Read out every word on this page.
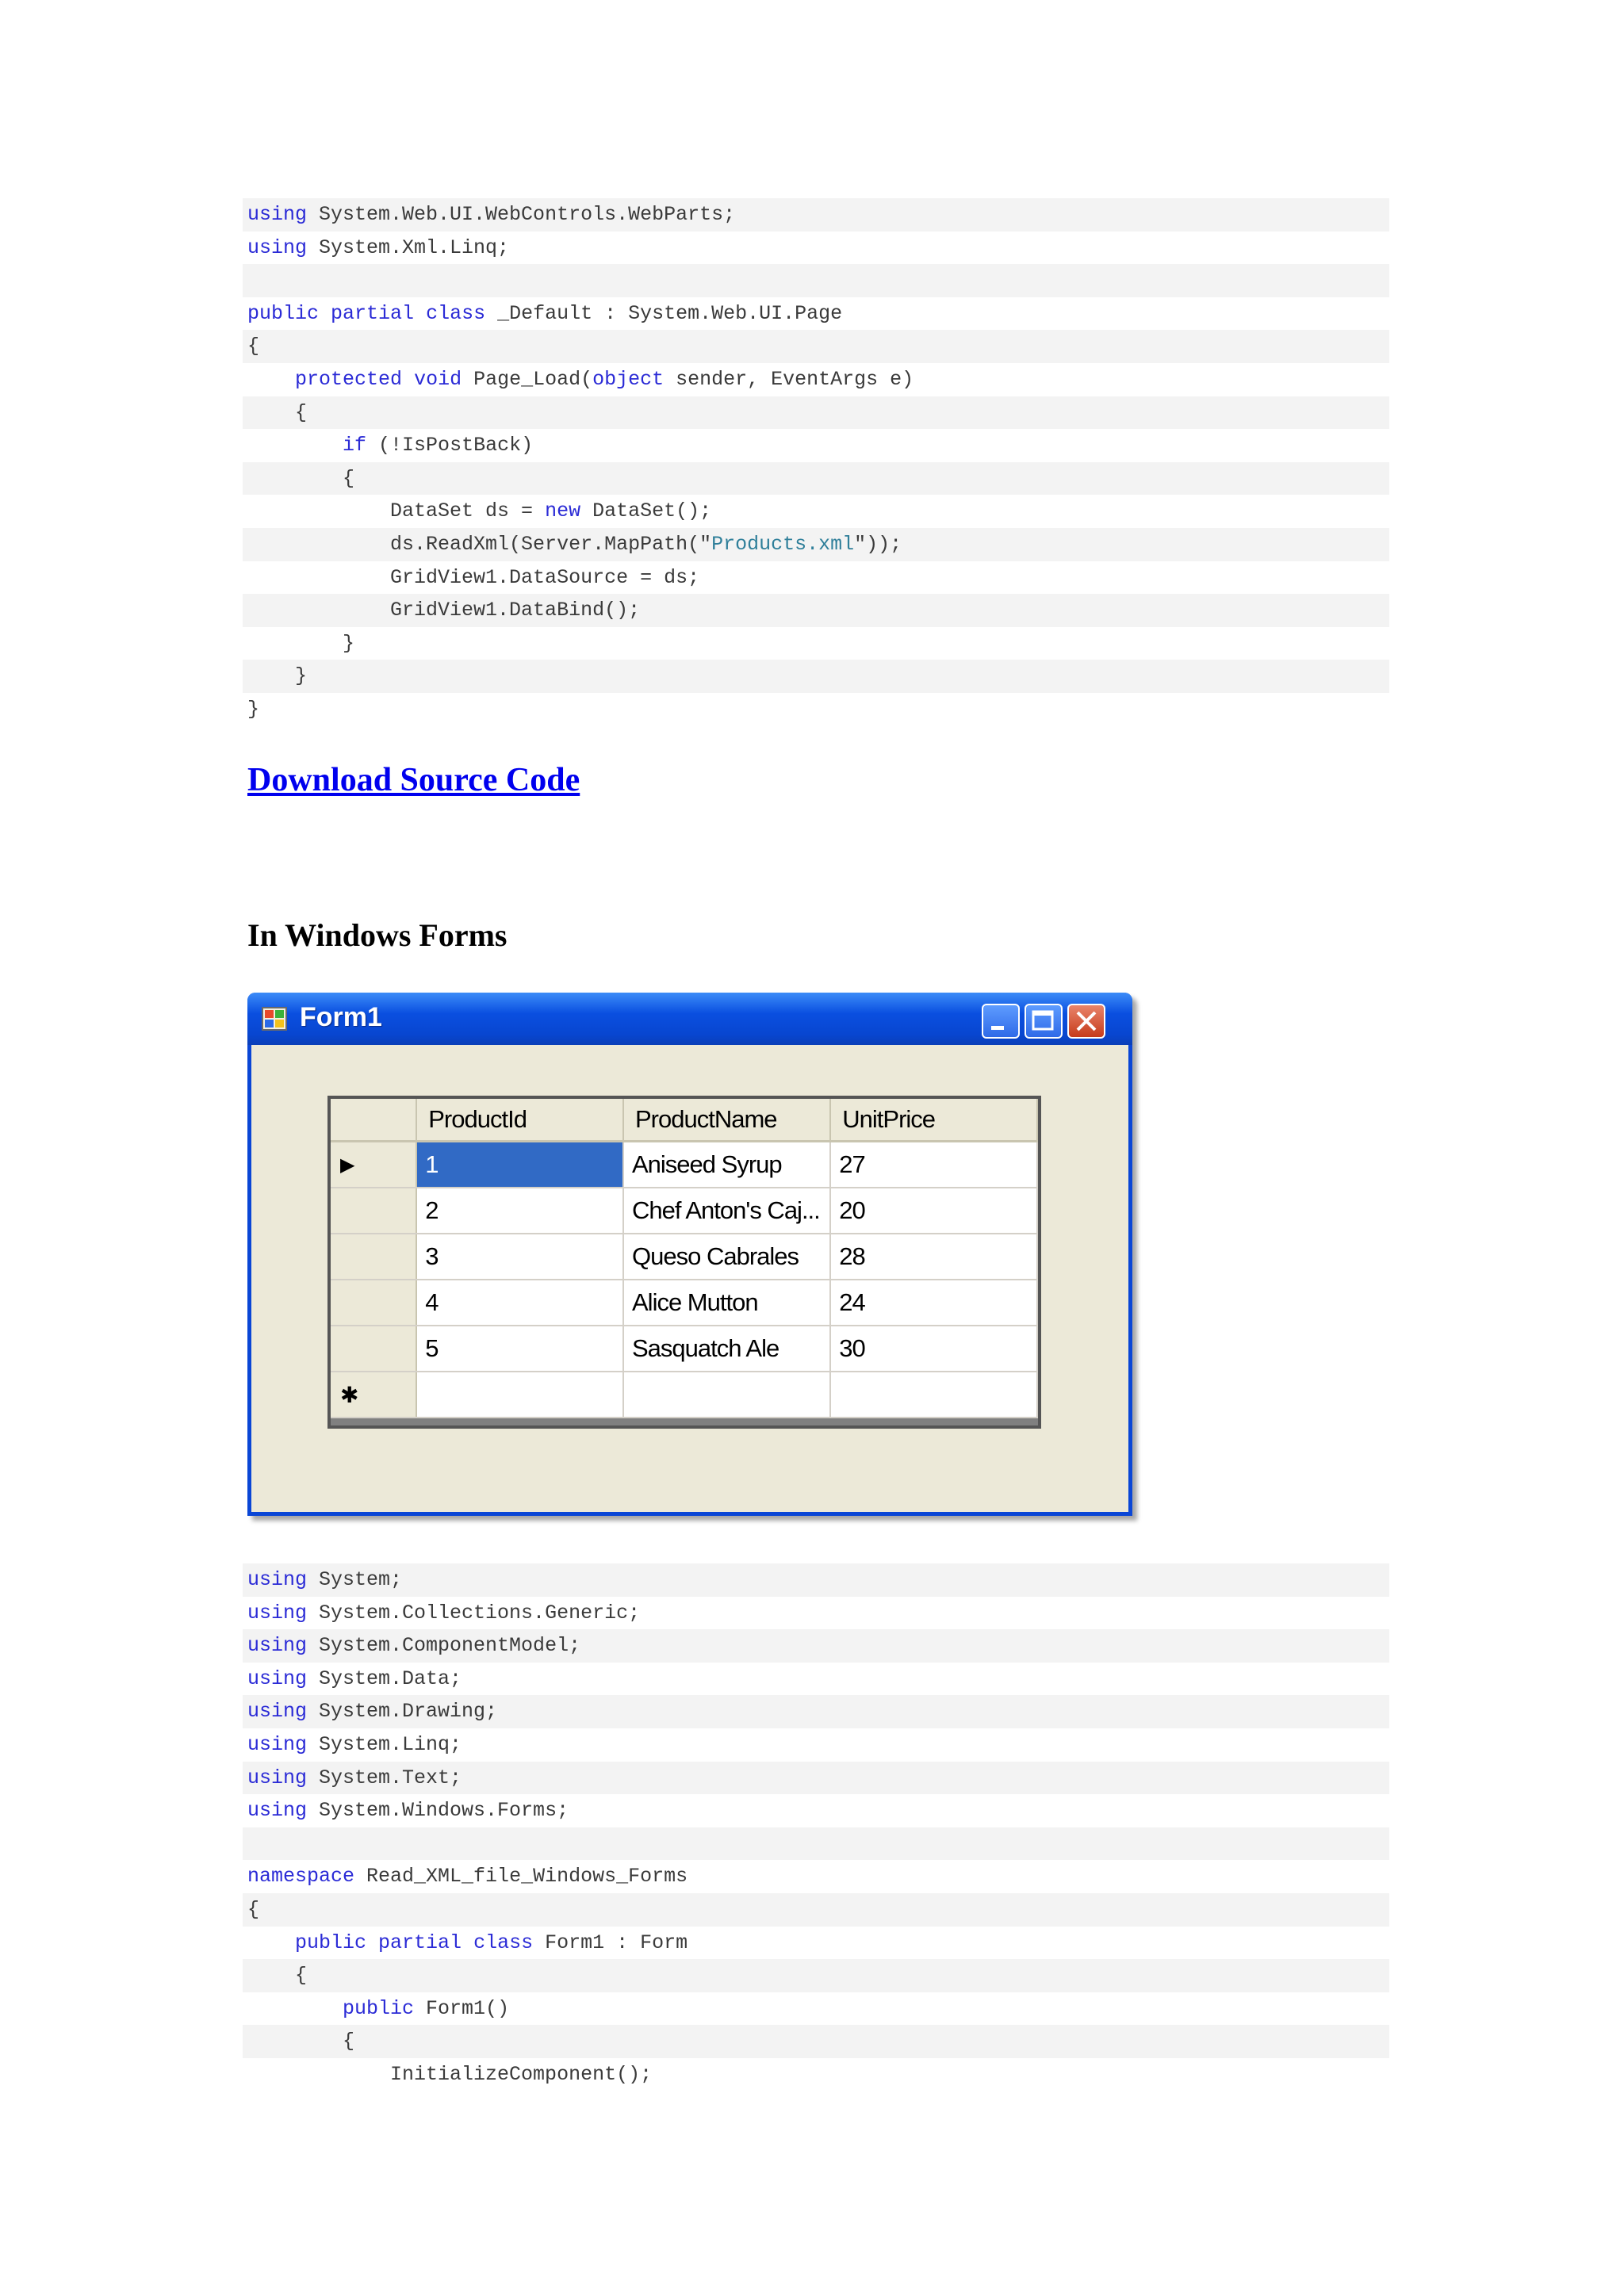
using System.Web.UI.WebControls.WebParts;
using System.Xml.Linq;
public partial class _Default : System.Web.UI.Page
{
protected void Page_Load(object sender, EventArgs e)
{
if (!IsPostBack)
{
DataSet ds = new DataSet();
ds.ReadXml(Server.MapPath("Products.xml"));
GridView1.DataSource = ds;
GridView1.DataBind();
}
}
}
Download Source Code
In Windows Forms
Form1
	ProductId	ProductName	UnitPrice
▶	1	Aniseed Syrup	27
	2	Chef Anton's Caj...	20
	3	Queso Cabrales	28
	4	Alice Mutton	24
	5	Sasquatch Ale	30
✱			
using System;
using System.Collections.Generic;
using System.ComponentModel;
using System.Data;
using System.Drawing;
using System.Linq;
using System.Text;
using System.Windows.Forms;
namespace Read_XML_file_Windows_Forms
{
public partial class Form1 : Form
{
public Form1()
{
InitializeComponent();
